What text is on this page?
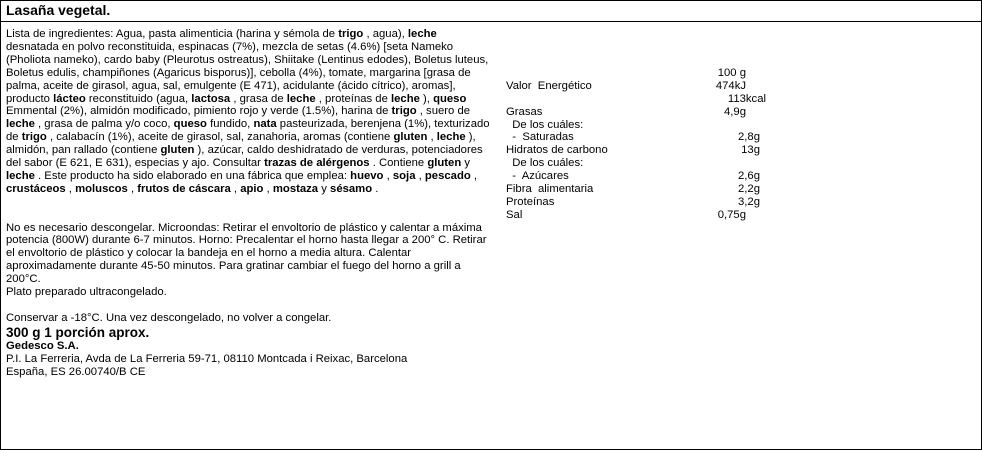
Lasaña vegetal.

Lista de ingredientes: Agua, pasta alimenticia (harina y sémola de trigo , agua), leche desnatada en polvo reconstituida, espinacas (7%), mezcla de setas (4.6%) [seta Nameko (Pholiota nameko), cardo baby (Pleurotus ostreatus), Shiitake (Lentinus edodes), Boletus luteus, Boletus edulis, champiñones (Agaricus bisporus)], cebolla (4%), tomate, margarina [grasa de palma, aceite de girasol, agua, sal, emulgente (E 471), acidulante (ácido cítrico), aromas], producto lácteo reconstituido (agua, lactosa , grasa de leche , proteínas de leche ), queso Emmental (2%), almidón modificado, pimiento rojo y verde (1.5%), harina de trigo , suero de leche , grasa de palma y/o coco, queso fundido, nata pasteurizada, berenjena (1%), texturizado de trigo , calabacín (1%), aceite de girasol, sal, zanahoria, aromas (contiene gluten , leche ), almidón, pan rallado (contiene gluten ), azúcar, caldo deshidratado de verduras, potenciadores del sabor (E 621, E 631), especias y ajo. Consultar trazas de alérgenos . Contiene gluten y leche . Este producto ha sido elaborado en una fábrica que emplea: huevo , soja , pescado , crustáceos , moluscos , frutos de cáscara , apio , mostaza y sésamo .

No es necesario descongelar. Microondas: Retirar el envoltorio de plástico y calentar a máxima potencia (800W) durante 6-7 minutos. Horno: Precalentar el horno hasta llegar a 200° C. Retirar el envoltorio de plástico y colocar la bandeja en el horno a media altura. Calentar aproximadamente durante 45-50 minutos. Para gratinar cambiar el fuego del horno a grill a 200°C.

Plato preparado ultracongelado.

Conservar a -18°C. Una vez descongelado, no volver a congelar.

300 g 1 porción aprox.

Gedesco S.A.

P.I. La Ferreria, Avda de La Ferreria 59-71, 08110 Montcada i Reixac, Barcelona

España, ES 26.00740/B CE

100 g
Valor  Energético	474kJ
113kcal
Grasas	4,9g
De los cuáles:
-  Saturadas	2,8g
Hidratos de carbono	13g
De los cuáles:
-  Azúcares	2,6g
Fibra  alimentaria	2,2g
Proteínas	3,2g
Sal	0,75g
